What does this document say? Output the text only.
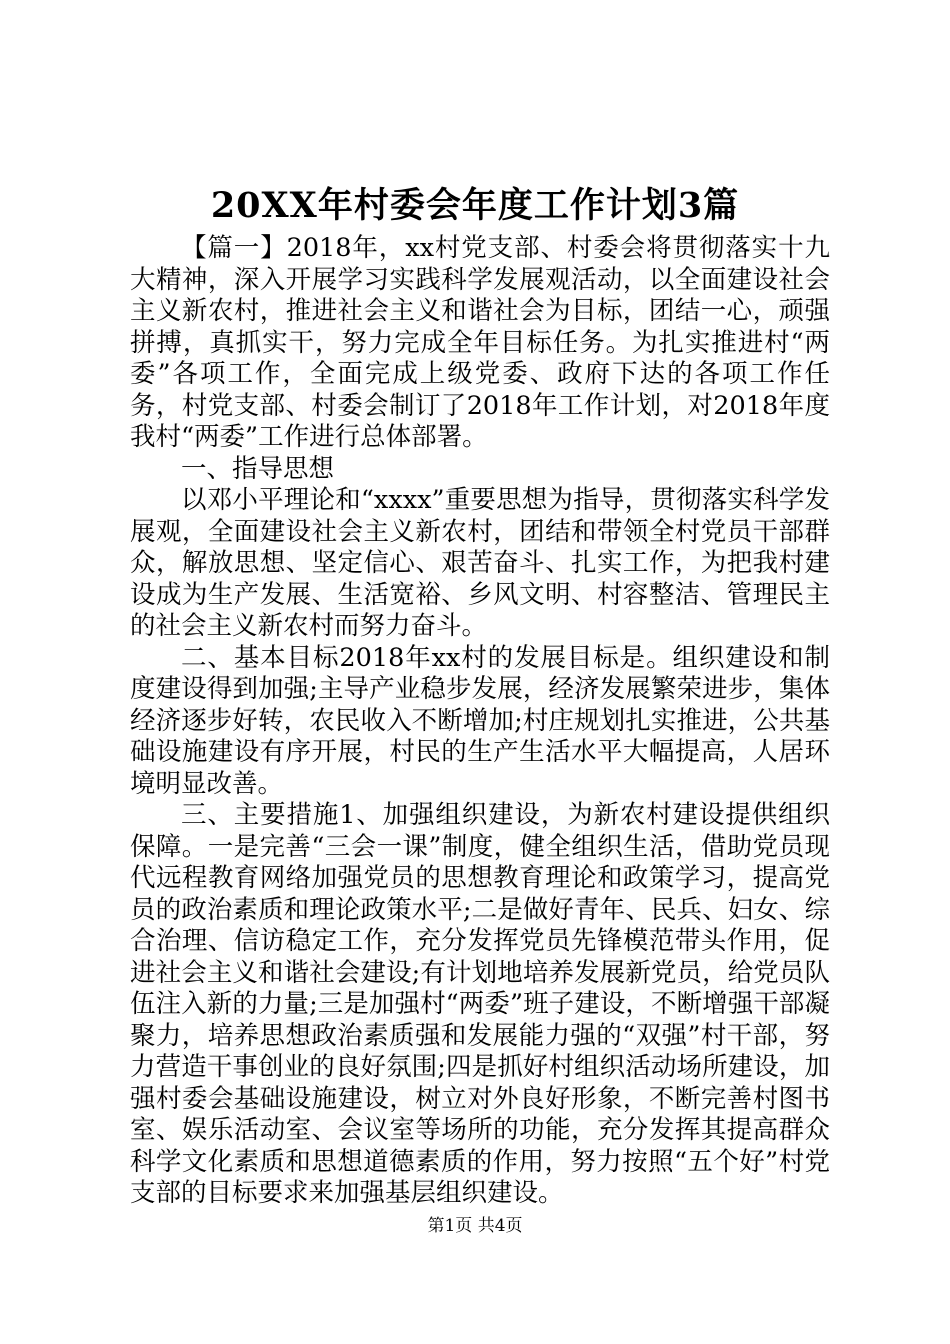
20XX年村委会年度工作计划3篇

【篇一】2018年，xx村党支部、村委会将贯彻落实十九大精神，深入开展学习实践科学发展观活动，以全面建设社会主义新农村，推进社会主义和谐社会为目标，团结一心，顽强拼搏，真抓实干，努力完成全年目标任务。为扎实推进村“两委”各项工作，全面完成上级党委、政府下达的各项工作任务，村党支部、村委会制订了2018年工作计划，对2018年度我村“两委”工作进行总体部署。

一、指导思想

以邓小平理论和“xxxx”重要思想为指导，贯彻落实科学发展观，全面建设社会主义新农村，团结和带领全村党员干部群众，解放思想、坚定信心、艰苦奋斗、扎实工作，为把我村建设成为生产发展、生活宽裕、乡风文明、村容整洁、管理民主的社会主义新农村而努力奋斗。

二、基本目标2018年xx村的发展目标是。组织建设和制度建设得到加强;主导产业稳步发展，经济发展繁荣进步，集体经济逐步好转，农民收入不断增加;村庄规划扎实推进，公共基础设施建设有序开展，村民的生产生活水平大幅提高，人居环境明显改善。

三、主要措施1、加强组织建设，为新农村建设提供组织保障。一是完善“三会一课”制度，健全组织生活，借助党员现代远程教育网络加强党员的思想教育理论和政策学习，提高党员的政治素质和理论政策水平;二是做好青年、民兵、妇女、综合治理、信访稳定工作，充分发挥党员先锋模范带头作用，促进社会主义和谐社会建设;有计划地培养发展新党员，给党员队伍注入新的力量;三是加强村“两委”班子建设，不断增强干部凝聚力，培养思想政治素质强和发展能力强的“双强”村干部，努力营造干事创业的良好氛围;四是抓好村组织活动场所建设，加强村委会基础设施建设，树立对外良好形象，不断完善村图书室、娱乐活动室、会议室等场所的功能，充分发挥其提高群众科学文化素质和思想道德素质的作用，努力按照“五个好”村党支部的目标要求来加强基层组织建设。

第1页 共4页
